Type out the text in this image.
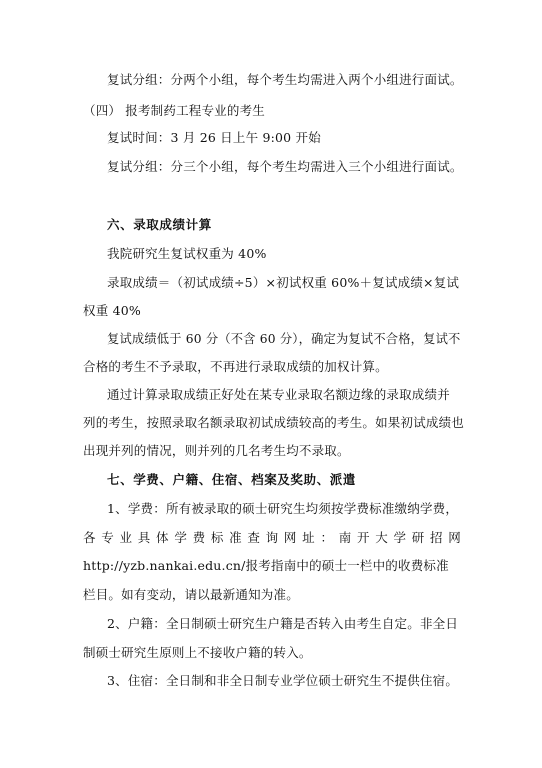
复试分组：分两个小组，每个考生均需进入两个小组进行面试。
（四） 报考制药工程专业的考生
复试时间：3 月 26 日上午 9:00 开始
复试分组：分三个小组，每个考生均需进入三个小组进行面试。
六、录取成绩计算
我院研究生复试权重为 40%
录取成绩＝（初试成绩÷5）×初试权重 60%＋复试成绩×复试
权重 40%
复试成绩低于 60 分（不含 60 分），确定为复试不合格，复试不
合格的考生不予录取，不再进行录取成绩的加权计算。
通过计算录取成绩正好处在某专业录取名额边缘的录取成绩并
列的考生，按照录取名额录取初试成绩较高的考生。如果初试成绩也
出现并列的情况，则并列的几名考生均不录取。
七、学费、户籍、住宿、档案及奖助、派遣
1、学费：所有被录取的硕士研究生均须按学费标准缴纳学费，
各专业具体学费标准查询网址：南开大学研招网
http://yzb.nankai.edu.cn/报考指南中的硕士一栏中的收费标准
栏目。如有变动，请以最新通知为准。
2、户籍：全日制硕士研究生户籍是否转入由考生自定。非全日
制硕士研究生原则上不接收户籍的转入。
3、住宿：全日制和非全日制专业学位硕士研究生不提供住宿。
